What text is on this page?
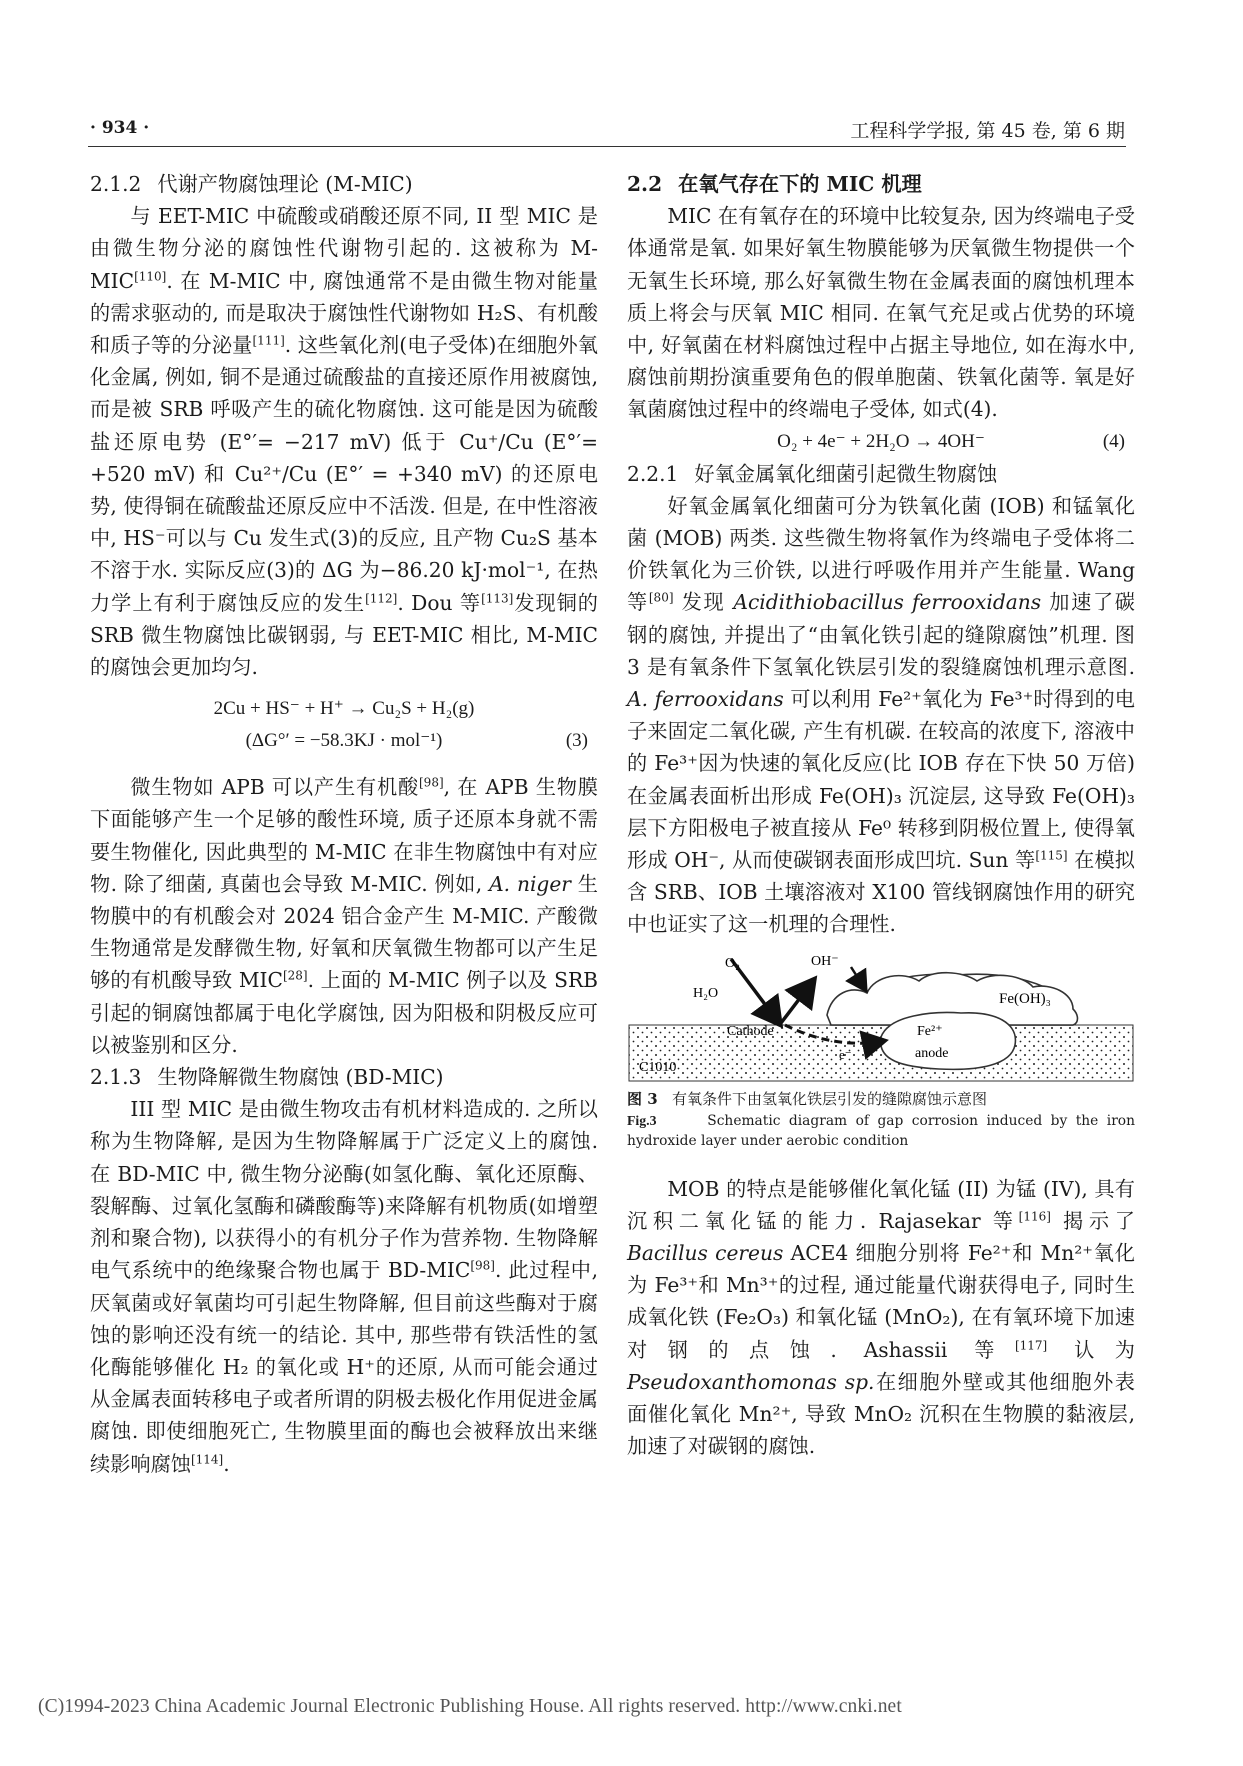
· 934 ·	工程科学学报, 第 45 卷, 第 6 期
2.1.2 代谢产物腐蚀理论 (M-MIC)

与 EET-MIC 中硫酸或硝酸还原不同, II 型 MIC 是由微生物分泌的腐蚀性代谢物引起的. 这被称为 M-MIC[110]. 在 M-MIC 中, 腐蚀通常不是由微生物对能量的需求驱动的, 而是取决于腐蚀性代谢物如 H₂S、有机酸和质子等的分泌量[111]. 这些氧化剂(电子受体)在细胞外氧化金属, 例如, 铜不是通过硫酸盐的直接还原作用被腐蚀, 而是被 SRB 呼吸产生的硫化物腐蚀. 这可能是因为硫酸盐还原电势 (E°′= −217 mV) 低于 Cu⁺/Cu (E°′= +520 mV) 和 Cu²⁺/Cu (E°′ = +340 mV) 的还原电势, 使得铜在硫酸盐还原反应中不活泼. 但是, 在中性溶液中, HS⁻可以与 Cu 发生式(3)的反应, 且产物 Cu₂S 基本不溶于水. 实际反应(3)的 ΔG 为−86.20 kJ·mol⁻¹, 在热力学上有利于腐蚀反应的发生[112]. Dou 等[113]发现铜的 SRB 微生物腐蚀比碳钢弱, 与 EET-MIC 相比, M-MIC 的腐蚀会更加均匀.

2Cu + HS⁻ + H⁺ → Cu₂S + H₂(g)
(ΔG°′ = −58.3KJ · mol⁻¹)	(3)

微生物如 APB 可以产生有机酸[98], 在 APB 生物膜下面能够产生一个足够的酸性环境, 质子还原本身就不需要生物催化, 因此典型的 M-MIC 在非生物腐蚀中有对应物. 除了细菌, 真菌也会导致 M-MIC. 例如, A. niger 生物膜中的有机酸会对 2024 铝合金产生 M-MIC. 产酸微生物通常是发酵微生物, 好氧和厌氧微生物都可以产生足够的有机酸导致 MIC[28]. 上面的 M-MIC 例子以及 SRB 引起的铜腐蚀都属于电化学腐蚀, 因为阳极和阴极反应可以被鉴别和区分.

2.1.3 生物降解微生物腐蚀 (BD-MIC)

III 型 MIC 是由微生物攻击有机材料造成的. 之所以称为生物降解, 是因为生物降解属于广泛定义上的腐蚀. 在 BD-MIC 中, 微生物分泌酶(如氢化酶、氧化还原酶、裂解酶、过氧化氢酶和磷酸酶等)来降解有机物质(如增塑剂和聚合物), 以获得小的有机分子作为营养物. 生物降解电气系统中的绝缘聚合物也属于 BD-MIC[98]. 此过程中, 厌氧菌或好氧菌均可引起生物降解, 但目前这些酶对于腐蚀的影响还没有统一的结论. 其中, 那些带有铁活性的氢化酶能够催化 H₂ 的氧化或 H⁺的还原, 从而可能会通过从金属表面转移电子或者所谓的阴极去极化作用促进金属腐蚀. 即使细胞死亡, 生物膜里面的酶也会被释放出来继续影响腐蚀[114].

2.2 在氧气存在下的 MIC 机理

MIC 在有氧存在的环境中比较复杂, 因为终端电子受体通常是氧. 如果好氧生物膜能够为厌氧微生物提供一个无氧生长环境, 那么好氧微生物在金属表面的腐蚀机理本质上将会与厌氧 MIC 相同. 在氧气充足或占优势的环境中, 好氧菌在材料腐蚀过程中占据主导地位, 如在海水中, 腐蚀前期扮演重要角色的假单胞菌、铁氧化菌等. 氧是好氧菌腐蚀过程中的终端电子受体, 如式(4).

O₂ + 4e⁻ + 2H₂O → 4OH⁻	(4)
2.2.1 好氧金属氧化细菌引起微生物腐蚀

好氧金属氧化细菌可分为铁氧化菌 (IOB) 和锰氧化菌 (MOB) 两类. 这些微生物将氧作为终端电子受体将二价铁氧化为三价铁, 以进行呼吸作用并产生能量. Wang 等[80] 发现 Acidithiobacillus ferrooxidans 加速了碳钢的腐蚀, 并提出了“由氧化铁引起的缝隙腐蚀”机理. 图 3 是有氧条件下氢氧化铁层引发的裂缝腐蚀机理示意图. A. ferrooxidans 可以利用 Fe²⁺氧化为 Fe³⁺时得到的电子来固定二氧化碳, 产生有机碳. 在较高的浓度下, 溶液中的 Fe³⁺因为快速的氧化反应(比 IOB 存在下快 50 万倍)在金属表面析出形成 Fe(OH)₃ 沉淀层, 这导致 Fe(OH)₃ 层下方阳极电子被直接从 Fe⁰ 转移到阴极位置上, 使得氧形成 OH⁻, 从而使碳钢表面形成凹坑. Sun 等[115] 在模拟含 SRB、IOB 土壤溶液对 X100 管线钢腐蚀作用的研究中也证实了这一机理的合理性.

O₂
H₂O
OH⁻
Fe(OH)₃
Fe²⁺
anode
Cathode
e⁻
C1010

图 3 有氧条件下由氢氧化铁层引发的缝隙腐蚀示意图

Fig.3	Schematic diagram of gap corrosion induced by the iron hydroxide layer under aerobic condition

MOB 的特点是能够催化氧化锰 (II) 为锰 (IV), 具有沉积二氧化锰的能力. Rajasekar 等[116] 揭示了 Bacillus cereus ACE4 细胞分别将 Fe²⁺和 Mn²⁺氧化为 Fe³⁺和 Mn³⁺的过程, 通过能量代谢获得电子, 同时生成氧化铁 (Fe₂O₃) 和氧化锰 (MnO₂), 在有氧环境下加速对钢的点蚀. Ashassii 等[117] 认为 Pseudoxanthomonas sp.在细胞外壁或其他细胞外表面催化氧化 Mn²⁺, 导致 MnO₂ 沉积在生物膜的黏液层, 加速了对碳钢的腐蚀.

(C)1994-2023 China Academic Journal Electronic Publishing House. All rights reserved. http://www.cnki.net
